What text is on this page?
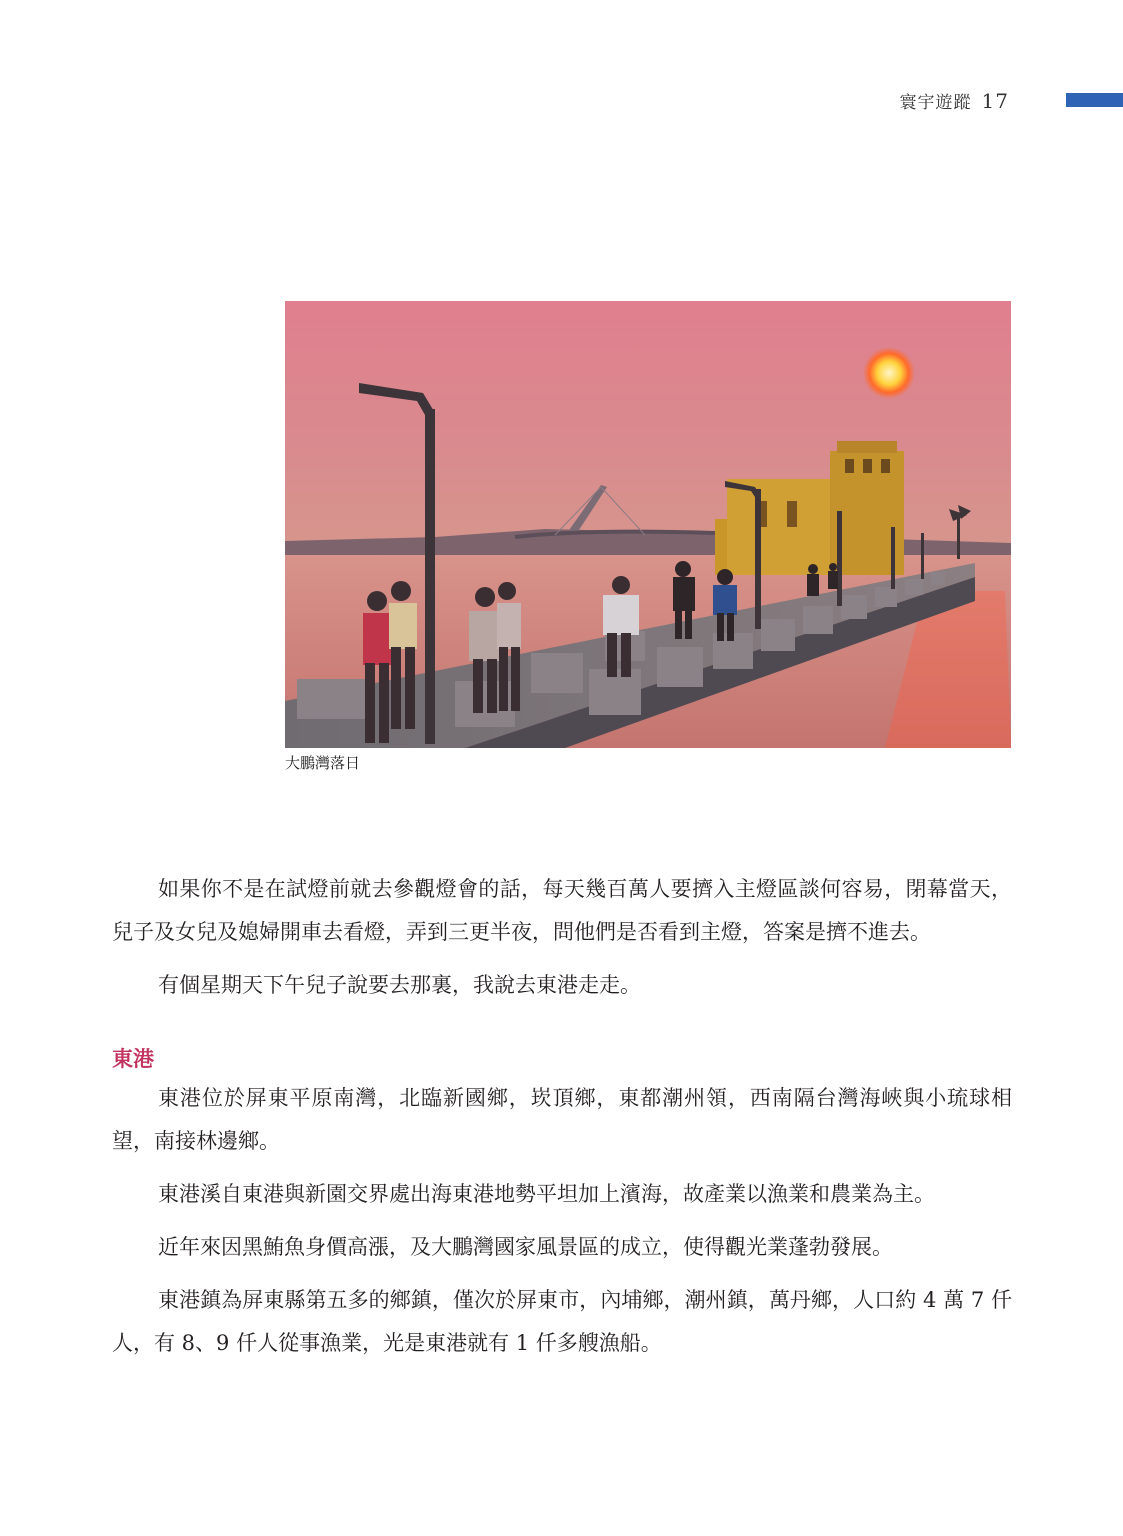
寰宇遊蹤 17
大鵬灣落日

如果你不是在試燈前就去參觀燈會的話，每天幾百萬人要擠入主燈區談何容易，閉幕當天，兒子及女兒及媳婦開車去看燈，弄到三更半夜，問他們是否看到主燈，答案是擠不進去。

有個星期天下午兒子說要去那裏，我說去東港走走。

東港

東港位於屏東平原南灣，北臨新國鄉，崁頂鄉，東都潮州領，西南隔台灣海峽與小琉球相望，南接林邊鄉。

東港溪自東港與新園交界處出海東港地勢平坦加上濱海，故產業以漁業和農業為主。

近年來因黑鮪魚身價高漲，及大鵬灣國家風景區的成立，使得觀光業蓬勃發展。

東港鎮為屏東縣第五多的鄉鎮，僅次於屏東市，內埔鄉，潮州鎮，萬丹鄉，人口約 4 萬 7 仟人，有 8、9 仟人從事漁業，光是東港就有 1 仟多艘漁船。
